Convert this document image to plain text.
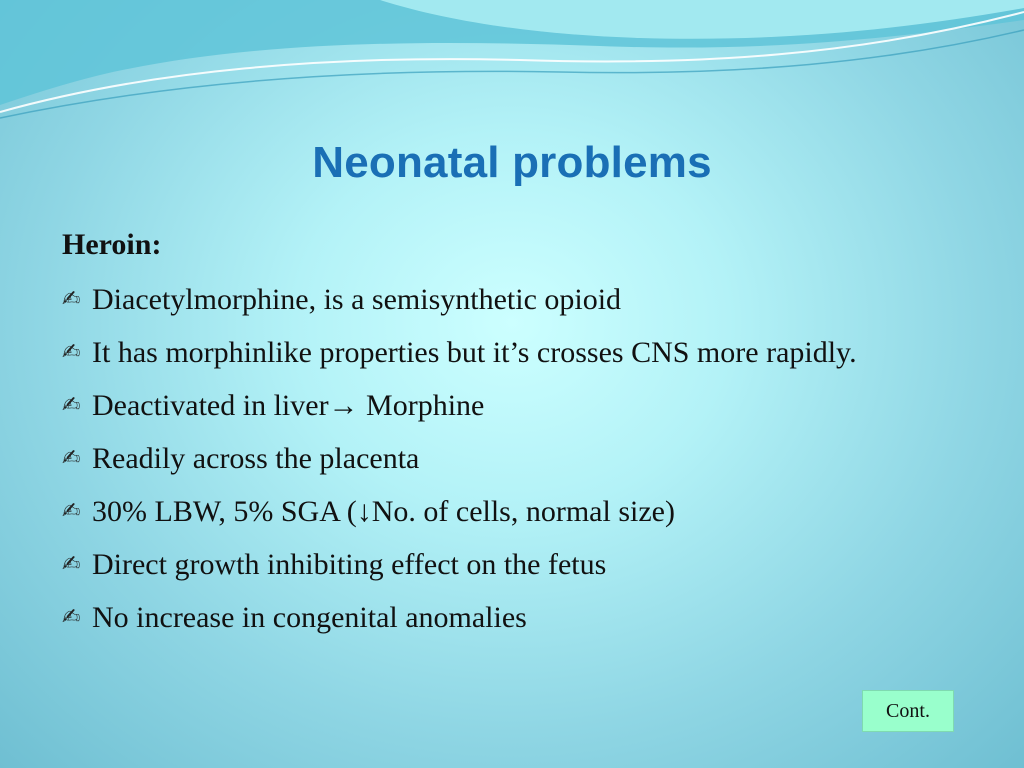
Neonatal problems
Heroin:
✍ Diacetylmorphine, is a semisynthetic opioid
✍ It has morphinlike properties but it’s crosses CNS more rapidly.
✍ Deactivated in liver→ Morphine
✍ Readily across the placenta
✍ 30% LBW, 5% SGA (↓No. of cells, normal size)
✍ Direct growth inhibiting effect on the fetus
✍ No increase in congenital anomalies
Cont.
